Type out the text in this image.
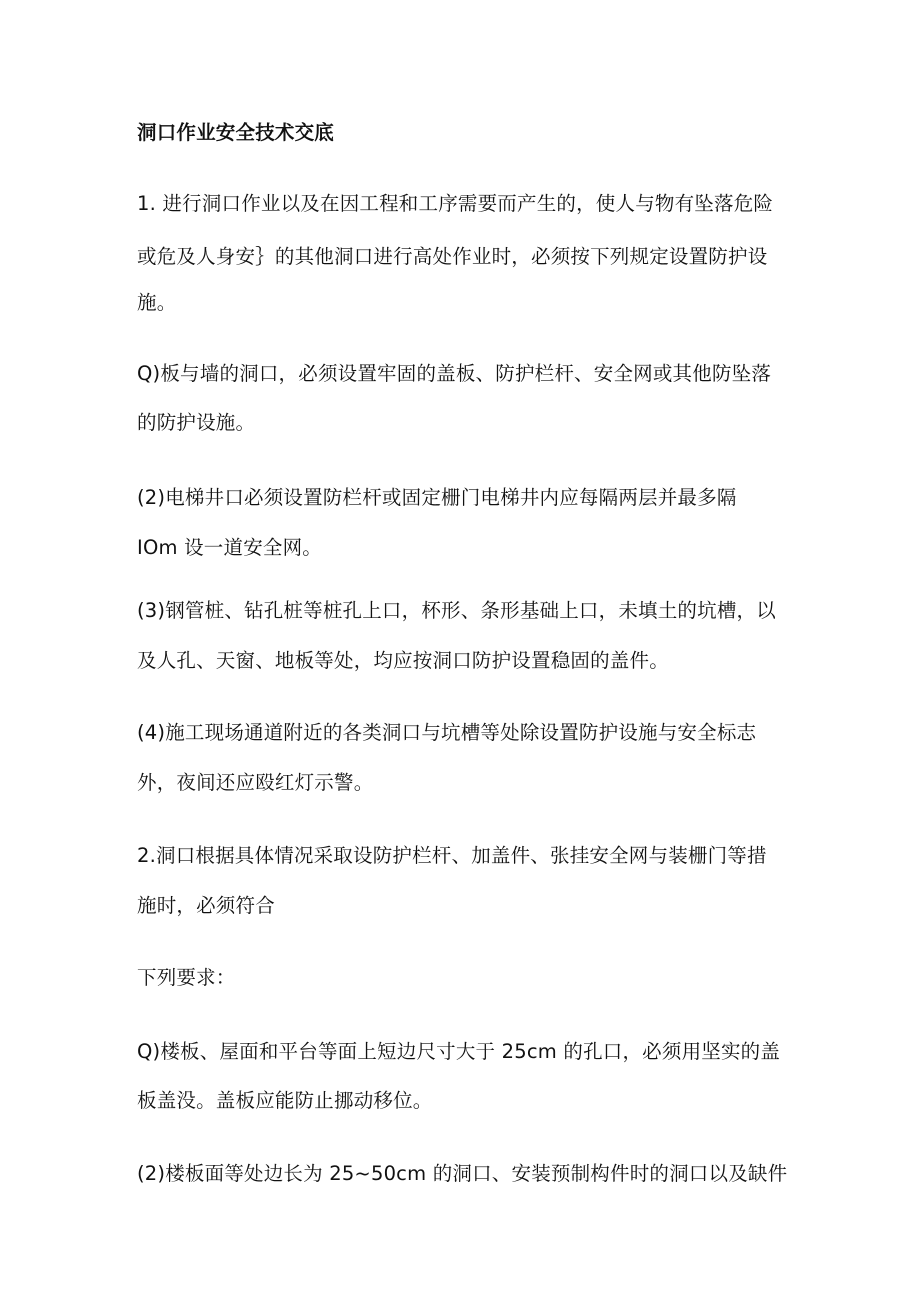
洞口作业安全技术交底
1. 进行洞口作业以及在因工程和工序需要而产生的，使人与物有坠落危险
或危及人身安｝的其他洞口进行高处作业时，必须按下列规定设置防护设
施。
Q)板与墙的洞口，必须设置牢固的盖板、防护栏杆、安全网或其他防坠落
的防护设施。
(2)电梯井口必须设置防栏杆或固定栅门电梯井内应每隔两层并最多隔
IOm 设一道安全网。
(3)钢管桩、钻孔桩等桩孔上口，杯形、条形基础上口，未填土的坑槽，以
及人孔、天窗、地板等处，均应按洞口防护设置稳固的盖件。
(4)施工现场通道附近的各类洞口与坑槽等处除设置防护设施与安全标志
外，夜间还应殴红灯示警。
2.洞口根据具体情况采取设防护栏杆、加盖件、张挂安全网与装栅门等措
施时，必须符合
下列要求：
Q)楼板、屋面和平台等面上短边尺寸大于 25cm 的孔口，必须用坚实的盖
板盖没。盖板应能防止挪动移位。
(2)楼板面等处边长为 25~50cm 的洞口、安装预制构件时的洞口以及缺件
